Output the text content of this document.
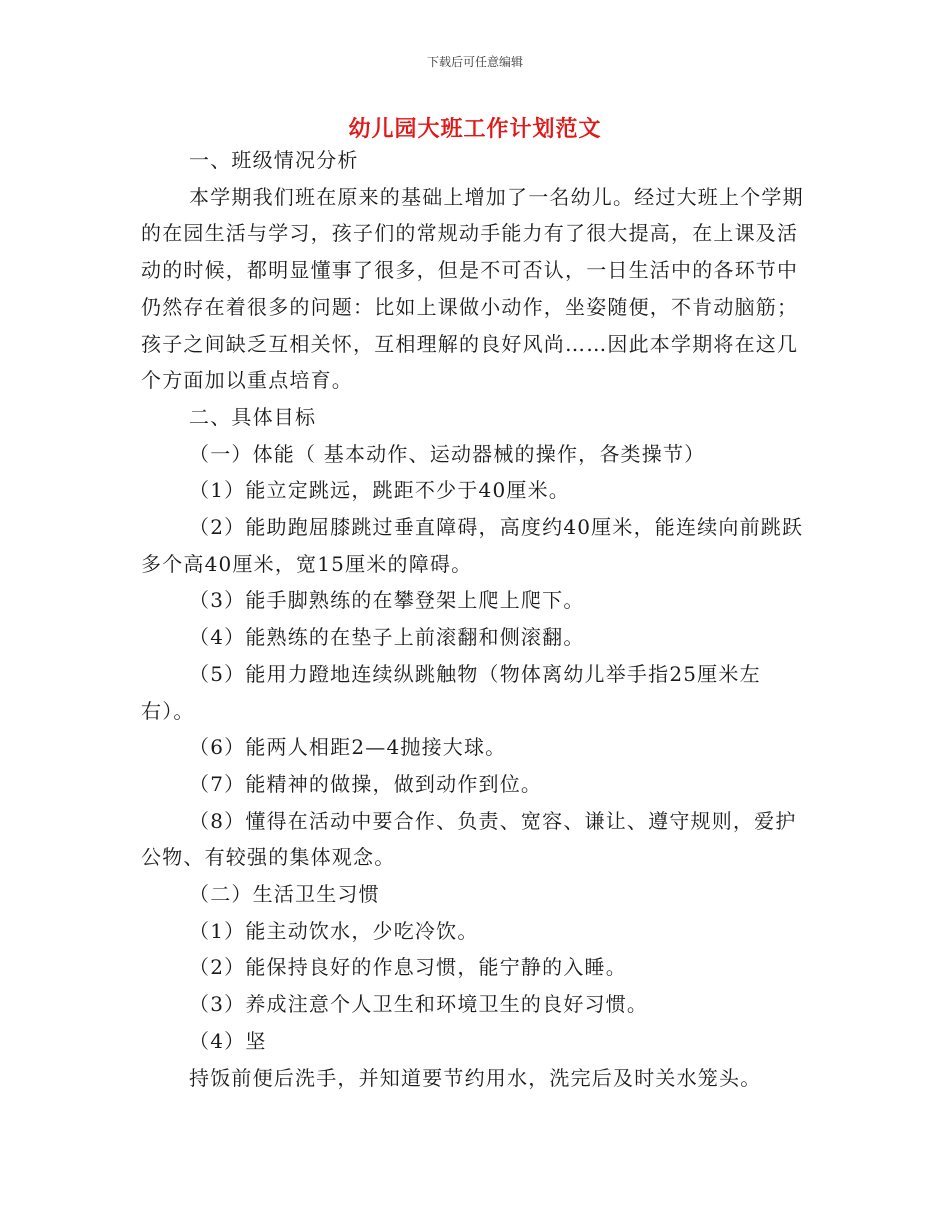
下载后可任意编辑
幼儿园大班工作计划范文

一、班级情况分析

本学期我们班在原来的基础上增加了一名幼儿。经过大班上个学期的在园生活与学习，孩子们的常规动手能力有了很大提高，在上课及活动的时候，都明显懂事了很多，但是不可否认，一日生活中的各环节中仍然存在着很多的问题：比如上课做小动作，坐姿随便，不肯动脑筋；孩子之间缺乏互相关怀，互相理解的良好风尚……因此本学期将在这几个方面加以重点培育。

二、具体目标

（一）体能（ 基本动作、运动器械的操作，各类操节）

（1）能立定跳远，跳距不少于40厘米。

（2）能助跑屈膝跳过垂直障碍，高度约40厘米，能连续向前跳跃多个高40厘米，宽15厘米的障碍。

（3）能手脚熟练的在攀登架上爬上爬下。

（4）能熟练的在垫子上前滚翻和侧滚翻。

（5）能用力蹬地连续纵跳触物（物体离幼儿举手指25厘米左右）。

（6）能两人相距2—4抛接大球。

（7）能精神的做操，做到动作到位。

（8）懂得在活动中要合作、负责、宽容、谦让、遵守规则，爱护公物、有较强的集体观念。

（二）生活卫生习惯

（1）能主动饮水，少吃冷饮。

（2）能保持良好的作息习惯，能宁静的入睡。

（3）养成注意个人卫生和环境卫生的良好习惯。

（4）坚

持饭前便后洗手，并知道要节约用水，洗完后及时关水笼头。
